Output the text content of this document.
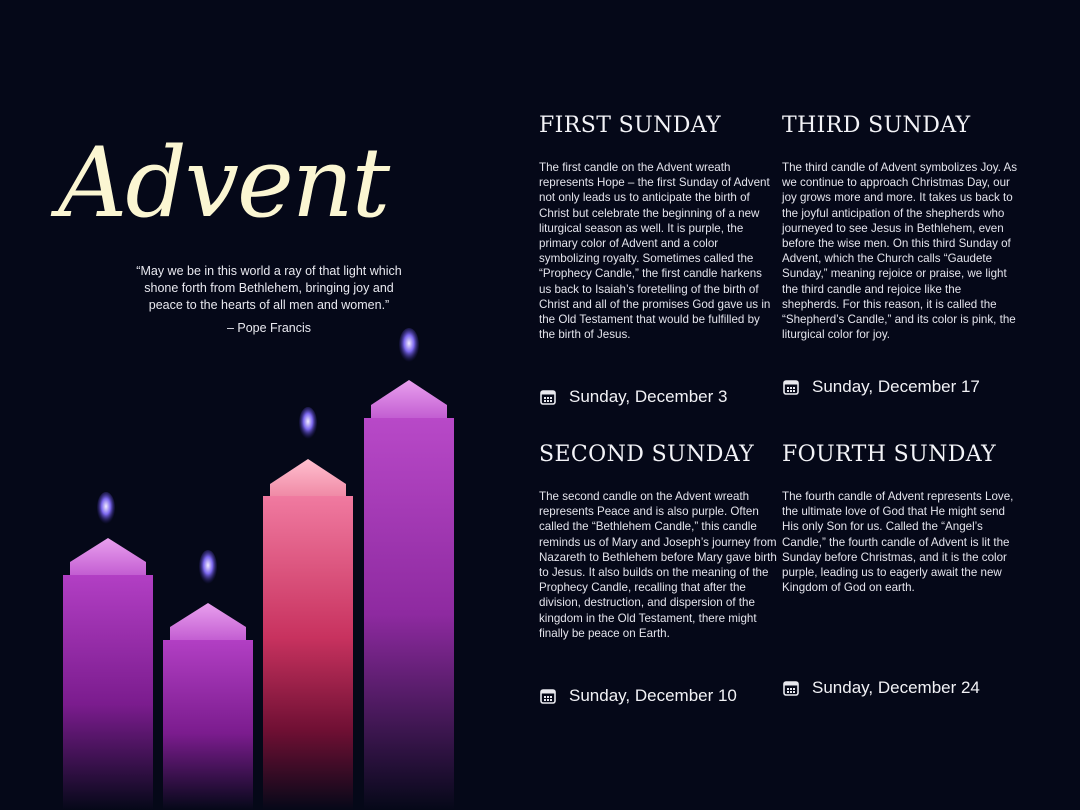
Advent
“May we be in this world a ray of that light which shone forth from Bethlehem, bringing joy and peace to the hearts of all men and women.”
– Pope Francis
FIRST SUNDAY

The first candle on the Advent wreath represents Hope – the first Sunday of Advent not only leads us to anticipate the birth of Christ but celebrate the beginning of a new liturgical season as well. It is purple, the primary color of Advent and a color symbolizing royalty. Sometimes called the “Prophecy Candle,” the first candle harkens us back to Isaiah’s foretelling of the birth of Christ and all of the promises God gave us in the Old Testament that would be fulfilled by the birth of Jesus.

Sunday, December 3
THIRD SUNDAY

The third candle of Advent symbolizes Joy. As we continue to approach Christmas Day, our joy grows more and more. It takes us back to the joyful anticipation of the shepherds who journeyed to see Jesus in Bethlehem, even before the wise men. On this third Sunday of Advent, which the Church calls “Gaudete Sunday,” meaning rejoice or praise, we light the third candle and rejoice like the shepherds. For this reason, it is called the “Shepherd’s Candle,” and its color is pink, the liturgical color for joy.

Sunday, December 17
SECOND SUNDAY

The second candle on the Advent wreath represents Peace and is also purple. Often called the “Bethlehem Candle,” this candle reminds us of Mary and Joseph’s journey from Nazareth to Bethlehem before Mary gave birth to Jesus. It also builds on the meaning of the Prophecy Candle, recalling that after the division, destruction, and dispersion of the kingdom in the Old Testament, there might finally be peace on Earth.

Sunday, December 10
FOURTH SUNDAY

The fourth candle of Advent represents Love, the ultimate love of God that He might send His only Son for us. Called the “Angel’s Candle,” the fourth candle of Advent is lit the Sunday before Christmas, and it is the color purple, leading us to eagerly await the new Kingdom of God on earth.

Sunday, December 24
